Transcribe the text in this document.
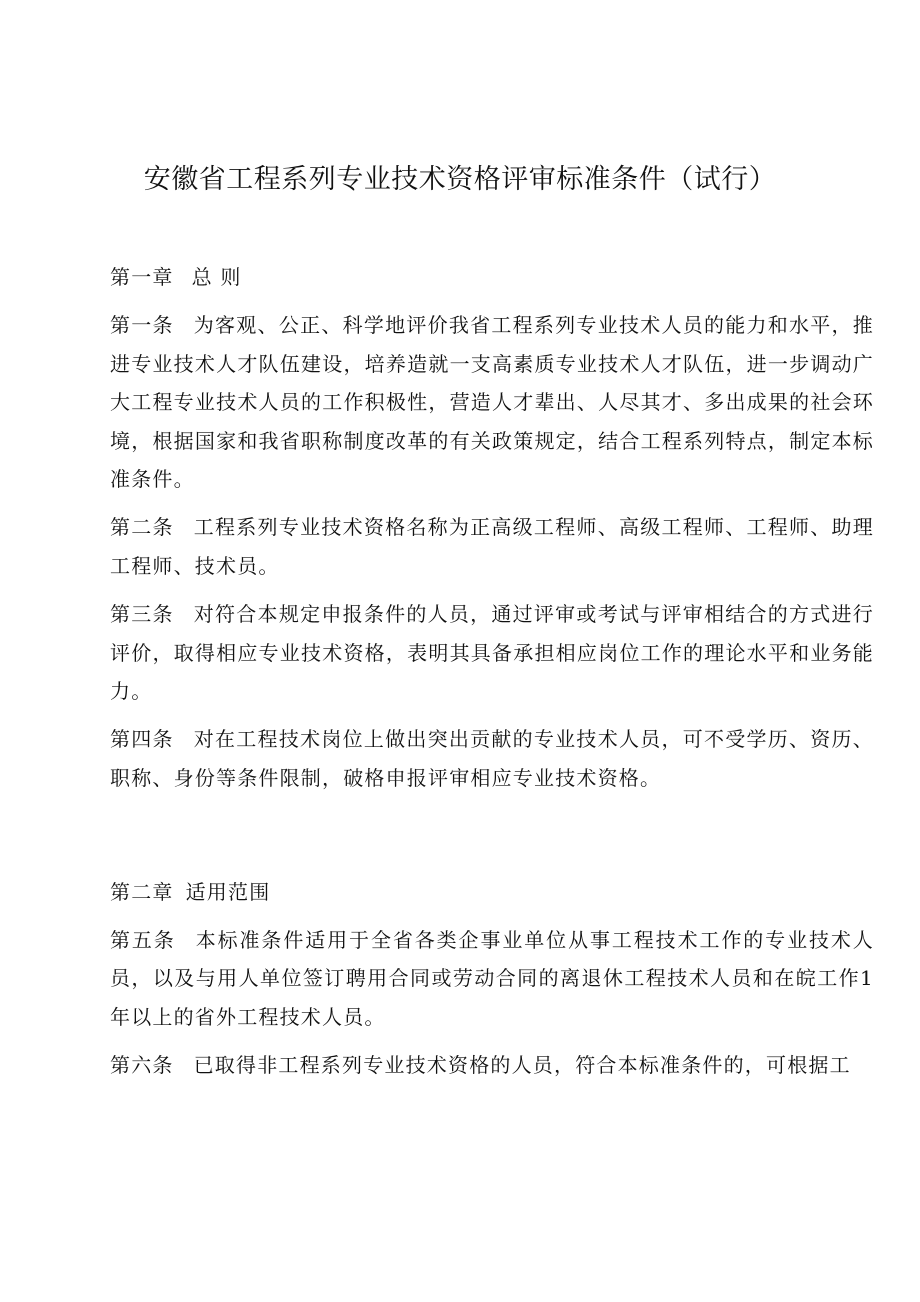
安徽省工程系列专业技术资格评审标准条件（试行）
第一章 总 则

第一条 为客观、公正、科学地评价我省工程系列专业技术人员的能力和水平，推进专业技术人才队伍建设，培养造就一支高素质专业技术人才队伍，进一步调动广大工程专业技术人员的工作积极性，营造人才辈出、人尽其才、多出成果的社会环境，根据国家和我省职称制度改革的有关政策规定，结合工程系列特点，制定本标准条件。

第二条 工程系列专业技术资格名称为正高级工程师、高级工程师、工程师、助理工程师、技术员。

第三条 对符合本规定申报条件的人员，通过评审或考试与评审相结合的方式进行评价，取得相应专业技术资格，表明其具备承担相应岗位工作的理论水平和业务能力。

第四条 对在工程技术岗位上做出突出贡献的专业技术人员，可不受学历、资历、职称、身份等条件限制，破格申报评审相应专业技术资格。

第二章 适用范围

第五条 本标准条件适用于全省各类企事业单位从事工程技术工作的专业技术人员，以及与用人单位签订聘用合同或劳动合同的离退休工程技术人员和在皖工作1年以上的省外工程技术人员。

第六条 已取得非工程系列专业技术资格的人员，符合本标准条件的，可根据工
